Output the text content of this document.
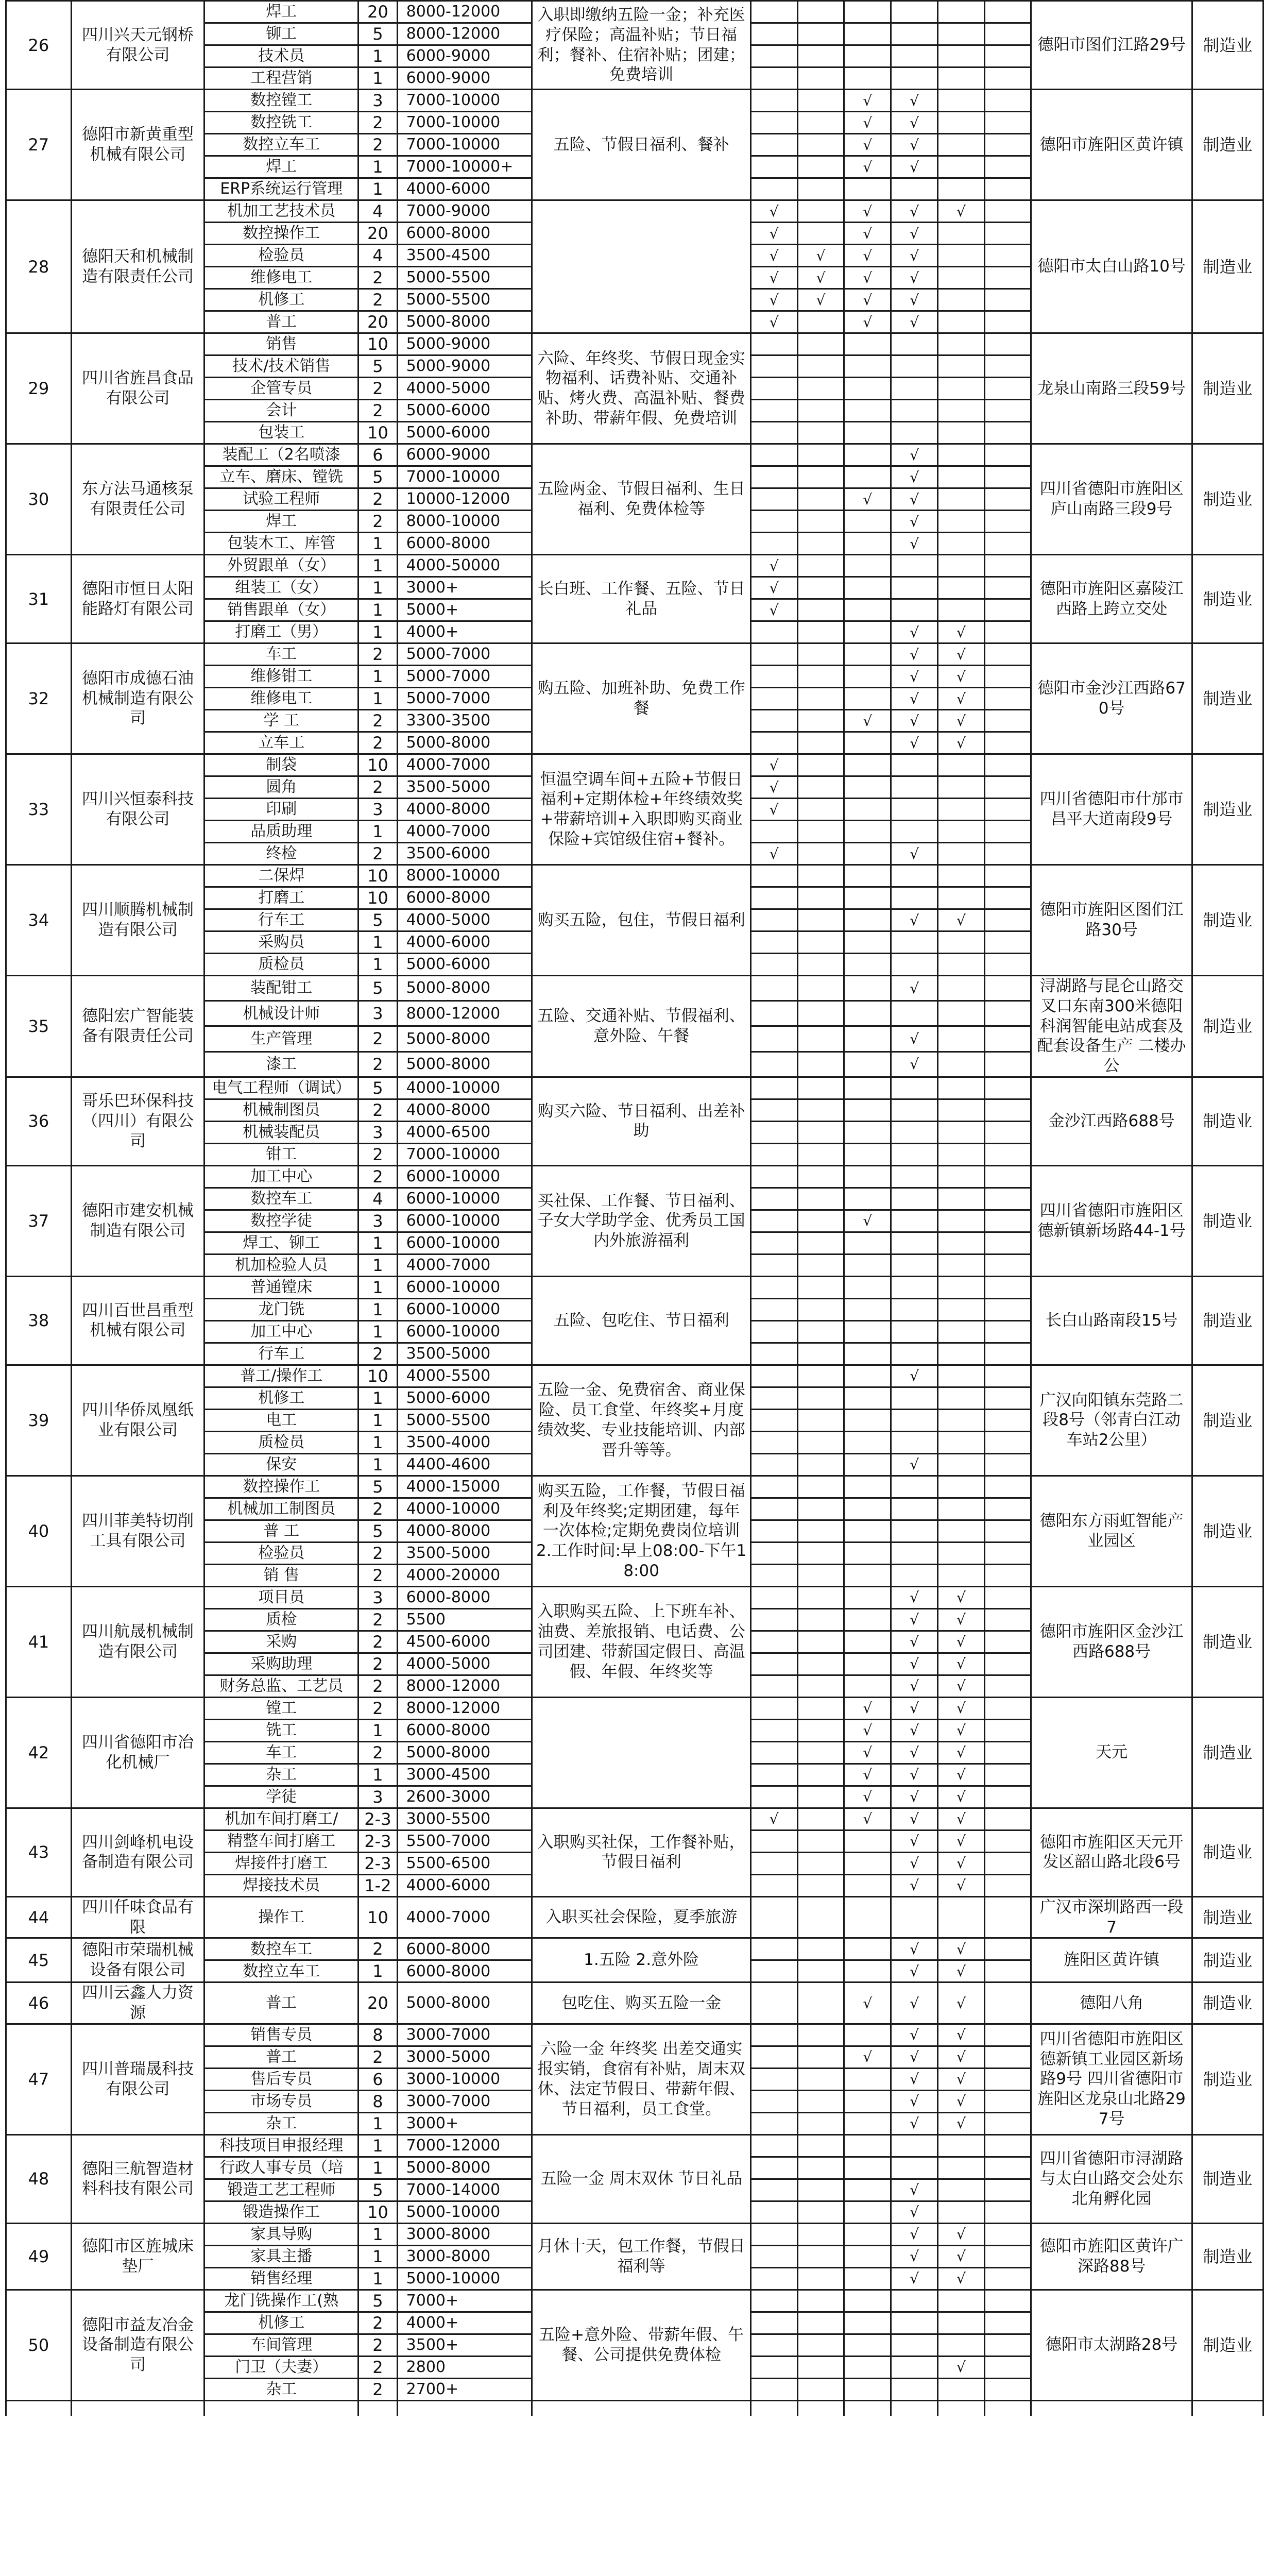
26	四川兴天元钢桥有限公司	焊工	20	8000-12000	入职即缴纳五险一金；补充医疗保险；高温补贴；节日福利；餐补、住宿补贴；团建；免费培训							德阳市图们江路29号	制造业
		铆工	5	8000-12000									
		技术员	1	6000-9000									
		工程营销	1	6000-9000									
27	德阳市新黄重型机械有限公司	数控镗工	3	7000-10000	五险、节假日福利、餐补			√	√			德阳市旌阳区黄许镇	制造业
		数控铣工	2	7000-10000				√	√				
		数控立车工	2	7000-10000				√	√				
		焊工	1	7000-10000+				√	√				
		ERP系统运行管理	1	4000-6000									
28	德阳天和机械制造有限责任公司	机加工艺技术员	4	7000-9000		√		√	√	√		德阳市太白山路10号	制造业
		数控操作工	20	6000-8000		√		√	√				
		检验员	4	3500-4500		√	√	√	√				
		维修电工	2	5000-5500		√	√	√	√				
		机修工	2	5000-5500		√	√	√	√				
		普工	20	5000-8000		√		√	√				
29	四川省旌昌食品有限公司	销售	10	5000-9000	六险、年终奖、节假日现金实物福利、话费补贴、交通补贴、烤火费、高温补贴、餐费补助、带薪年假、免费培训							龙泉山南路三段59号	制造业
		技术/技术销售	5	5000-9000									
		企管专员	2	4000-5000									
		会计	2	5000-6000									
		包装工	10	5000-6000									
30	东方法马通核泵有限责任公司	装配工（2名喷漆	6	6000-9000	五险两金、节假日福利、生日福利、免费体检等				√			四川省德阳市旌阳区庐山南路三段9号	制造业
		立车、磨床、镗铣	5	7000-10000					√				
		试验工程师	2	10000-12000				√	√				
		焊工	2	8000-10000					√				
		包装木工、库管	1	6000-8000					√				
31	德阳市恒日太阳能路灯有限公司	外贸跟单（女）	1	4000-50000	长白班、工作餐、五险、节日礼品	√						德阳市旌阳区嘉陵江西路上跨立交处	制造业
		组装工（女）	1	3000+		√							
		销售跟单（女）	1	5000+		√							
		打磨工（男）	1	4000+					√	√			
32	德阳市成德石油机械制造有限公司	车工	2	5000-7000	购五险、加班补助、免费工作餐				√	√		德阳市金沙江西路670号	制造业
		维修钳工	1	5000-7000					√	√			
		维修电工	1	5000-7000					√	√			
		学 工	2	3300-3500				√	√	√			
		立车工	2	5000-8000					√	√			
33	四川兴恒泰科技有限公司	制袋	10	4000-7000	恒温空调车间+五险+节假日福利+定期体检+年终绩效奖+带薪培训+入职即购买商业保险+宾馆级住宿+餐补。	√						四川省德阳市什邡市昌平大道南段9号	制造业
		圆角	2	3500-5000		√							
		印刷	3	4000-8000		√							
		品质助理	1	4000-7000									
		终检	2	3500-6000		√			√				
34	四川顺腾机械制造有限公司	二保焊	10	8000-10000	购买五险，包住，节假日福利							德阳市旌阳区图们江路30号	制造业
		打磨工	10	6000-8000									
		行车工	5	4000-5000					√	√			
		采购员	1	4000-6000									
		质检员	1	5000-6000									
35	德阳宏广智能装备有限责任公司	装配钳工	5	5000-8000	五险、交通补贴、节假福利、意外险、午餐				√			浔湖路与昆仑山路交叉口东南300米德阳科润智能电站成套及配套设备生产 二楼办公	制造业
		机械设计师	3	8000-12000									
		生产管理	2	5000-8000					√				
		漆工	2	5000-8000					√				
36	哥乐巴环保科技（四川）有限公司	电气工程师（调试）	5	4000-10000	购买六险、节日福利、出差补助							金沙江西路688号	制造业
		机械制图员	2	4000-8000									
		机械装配员	3	4000-6500									
		钳工	2	7000-10000									
37	德阳市建安机械制造有限公司	加工中心	2	6000-10000	买社保、工作餐、节日福利、子女大学助学金、优秀员工国内外旅游福利							四川省德阳市旌阳区德新镇新场路44-1号	制造业
		数控车工	4	6000-10000									
		数控学徒	3	6000-10000				√					
		焊工、铆工	1	6000-10000									
		机加检验人员	1	4000-7000									
38	四川百世昌重型机械有限公司	普通镗床	1	6000-10000	五险、包吃住、节日福利							长白山路南段15号	制造业
		龙门铣	1	6000-10000									
		加工中心	1	6000-10000									
		行车工	2	3500-5000									
39	四川华侨凤凰纸业有限公司	普工/操作工	10	4000-5500	五险一金、免费宿舍、商业保险、员工食堂、年终奖+月度绩效奖、专业技能培训、内部晋升等等。				√			广汉向阳镇东莞路二段8号（邻青白江动车站2公里）	制造业
		机修工	1	5000-6000									
		电工	1	5000-5500									
		质检员	1	3500-4000									
		保安	1	4400-4600					√				
40	四川菲美特切削工具有限公司	数控操作工	5	4000-15000	购买五险，工作餐，节假日福利及年终奖;定期团建，每年一次体检;定期免费岗位培训 2.工作时间:早上08:00-下午18:00							德阳东方雨虹智能产业园区	制造业
		机械加工制图员	2	4000-10000									
		普 工	5	4000-8000									
		检验员	2	3500-5000									
		销 售	2	4000-20000									
41	四川航晟机械制造有限公司	项目员	3	6000-8000	入职购买五险、上下班车补、油费、差旅报销、电话费、公司团建、带薪国定假日、高温假、年假、年终奖等				√	√		德阳市旌阳区金沙江西路688号	制造业
		质检	2	5500					√	√			
		采购	2	4500-6000					√	√			
		采购助理	2	4000-5000					√	√			
		财务总监、工艺员	2	8000-12000					√	√			
42	四川省德阳市冶化机械厂	镗工	2	8000-12000				√	√	√		天元	制造业
		铣工	1	6000-8000				√	√	√			
		车工	2	5000-8000				√	√	√			
		杂工	1	3000-4500				√	√	√			
		学徒	3	2600-3000				√	√	√			
43	四川剑峰机电设备制造有限公司	机加车间打磨工/	2-3	3000-5500	入职购买社保，工作餐补贴，节假日福利	√		√	√	√		德阳市旌阳区天元开发区韶山路北段6号	制造业
		精整车间打磨工	2-3	5500-7000					√	√			
		焊接件打磨工	2-3	5500-6500					√	√			
		焊接技术员	1-2	4000-6000					√	√			
44	四川仟味食品有限	操作工	10	4000-7000	入职买社会保险，夏季旅游							广汉市深圳路西一段7	制造业
45	德阳市荣瑞机械设备有限公司	数控车工	2	6000-8000	1.五险 2.意外险				√	√		旌阳区黄许镇	制造业
		数控立车工	1	6000-8000					√	√			
46	四川云鑫人力资源	普工	20	5000-8000	包吃住、购买五险一金			√	√	√		德阳八角	制造业
47	四川普瑞晟科技有限公司	销售专员	8	3000-7000	六险一金 年终奖 出差交通实报实销，食宿有补贴，周末双休、法定节假日、带薪年假、节日福利，员工食堂。				√	√		四川省德阳市旌阳区德新镇工业园区新场路9号 四川省德阳市旌阳区龙泉山北路297号	制造业
		普工	2	3000-5000				√	√	√			
		售后专员	6	3000-10000					√	√			
		市场专员	8	3000-7000					√	√			
		杂工	1	3000+					√	√			
48	德阳三航智造材料科技有限公司	科技项目申报经理	1	7000-12000	五险一金 周末双休 节日礼品							四川省德阳市浔湖路与太白山路交会处东北角孵化园	制造业
		行政人事专员（培	1	5000-8000									
		锻造工艺工程师	5	7000-14000					√				
		锻造操作工	10	5000-10000					√				
49	德阳市区旌城床垫厂	家具导购	1	3000-8000	月休十天，包工作餐，节假日福利等				√	√		德阳市旌阳区黄许广深路88号	制造业
		家具主播	1	3000-8000					√	√			
		销售经理	1	5000-10000					√	√			
50	德阳市益友冶金设备制造有限公司	龙门铣操作工(熟	5	7000+	五险+意外险、带薪年假、午餐、公司提供免费体检							德阳市太湖路28号	制造业
		机修工	2	4000+									
		车间管理	2	3500+									
		门卫（夫妻）	2	2800						√			
		杂工	2	2700+									
